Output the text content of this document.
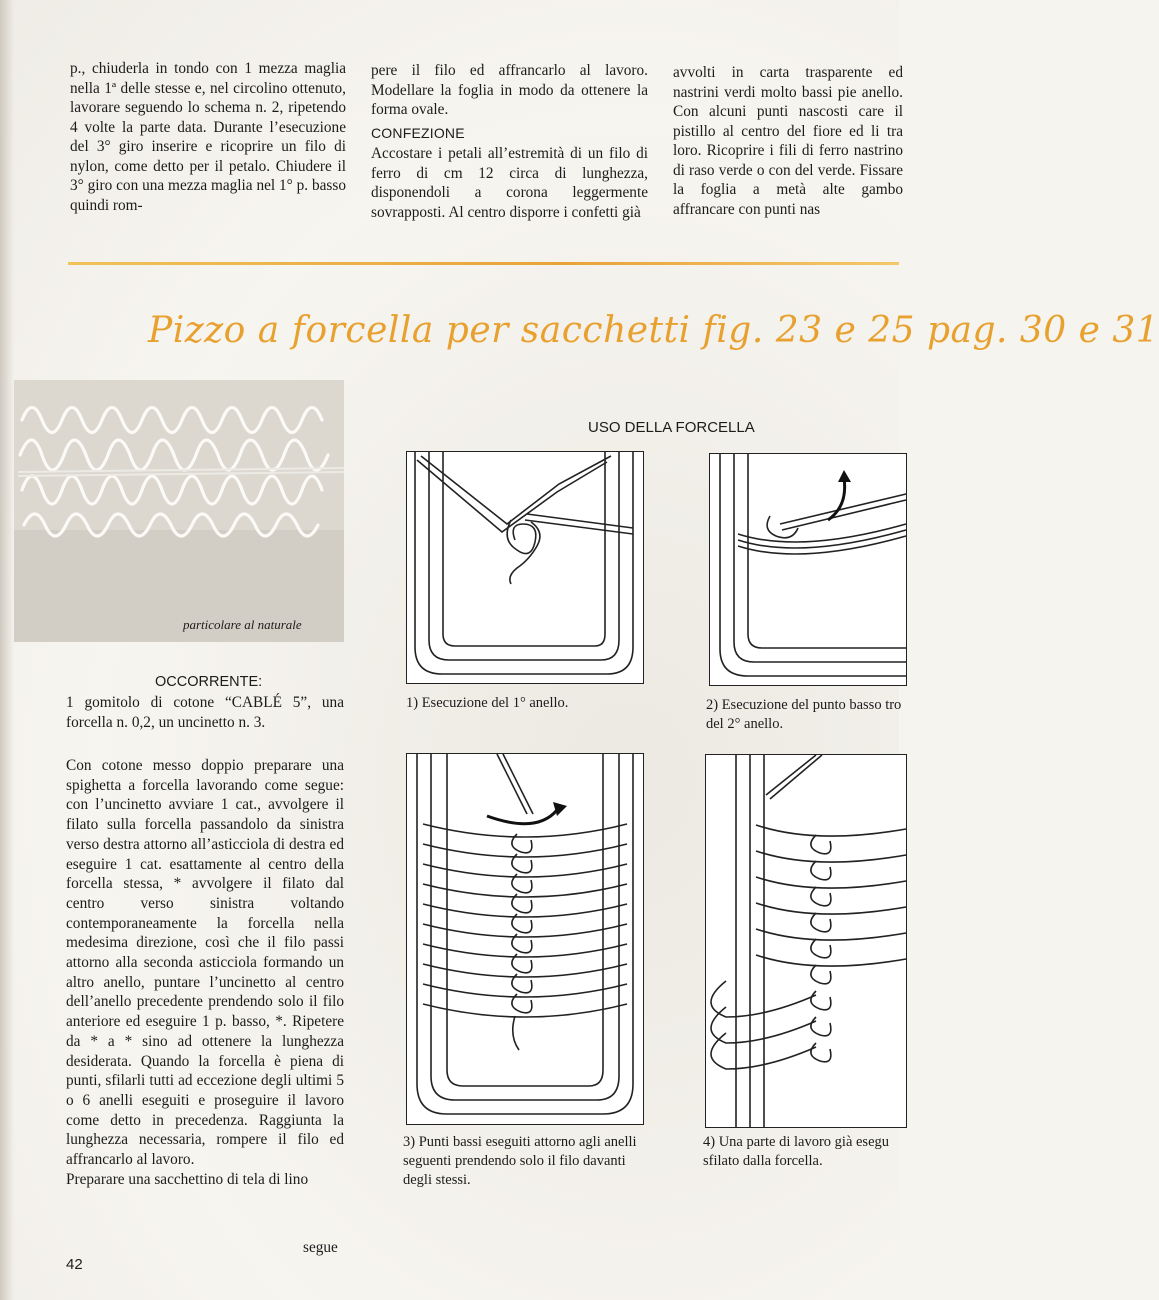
p., chiuderla in tondo con 1 mezza maglia nella 1ª delle stesse e, nel circolino ottenuto, lavorare seguendo lo schema n. 2, ripetendo 4 volte la parte data. Durante l’esecuzione del 3° giro inserire e ricoprire un filo di nylon, come detto per il petalo. Chiudere il 3° giro con una mezza maglia nel 1° p. basso quindi rom-

pere il filo ed affrancarlo al lavoro. Modellare la foglia in modo da ottenere la forma ovale.

CONFEZIONE

Accostare i petali all’estremità di un filo di ferro di cm 12 circa di lunghezza, disponendoli a corona leggermente sovrapposti. Al centro disporre i confetti già

avvolti in carta trasparente ed nastrini verdi molto bassi pie anello. Con alcuni punti nascosti care il pistillo al centro del fiore ed li tra loro. Ricoprire i fili di ferro nastrino di raso verde o con del verde. Fissare la foglia a metà alte gambo affrancare con punti nas

Pizzo a forcella per sacchetti fig. 23 e 25 pag. 30 e 31
particolare al naturale
OCCORRENTE:

1 gomitolo di cotone “CABLÉ 5”, una forcella n. 0,2, un uncinetto n. 3.

Con cotone messo doppio preparare una spighetta a forcella lavorando come segue: con l’uncinetto avviare 1 cat., avvolgere il filato sulla forcella passandolo da sinistra verso destra attorno all’asticciola di destra ed eseguire 1 cat. esattamente al centro della forcella stessa, * avvolgere il filato dal centro verso sinistra voltando contemporaneamente la forcella nella medesima direzione, così che il filo passi attorno alla seconda asticciola formando un altro anello, puntare l’uncinetto al centro dell’anello precedente prendendo solo il filo anteriore ed eseguire 1 p. basso, *. Ripetere da * a * sino ad ottenere la lunghezza desiderata. Quando la forcella è piena di punti, sfilarli tutti ad eccezione degli ultimi 5 o 6 anelli eseguiti e proseguire il lavoro come detto in precedenza. Raggiunta la lunghezza necessaria, rompere il filo ed affrancarlo al lavoro.

Preparare una sacchettino di tela di lino

segue
USO DELLA FORCELLA
1) Esecuzione del 1° anello.	2) Esecuzione del punto basso tro del 2° anello.
3) Punti bassi eseguiti attorno agli anelli seguenti prendendo solo il filo davanti degli stessi.
4) Una parte di lavoro già esegu sfilato dalla forcella.
42
